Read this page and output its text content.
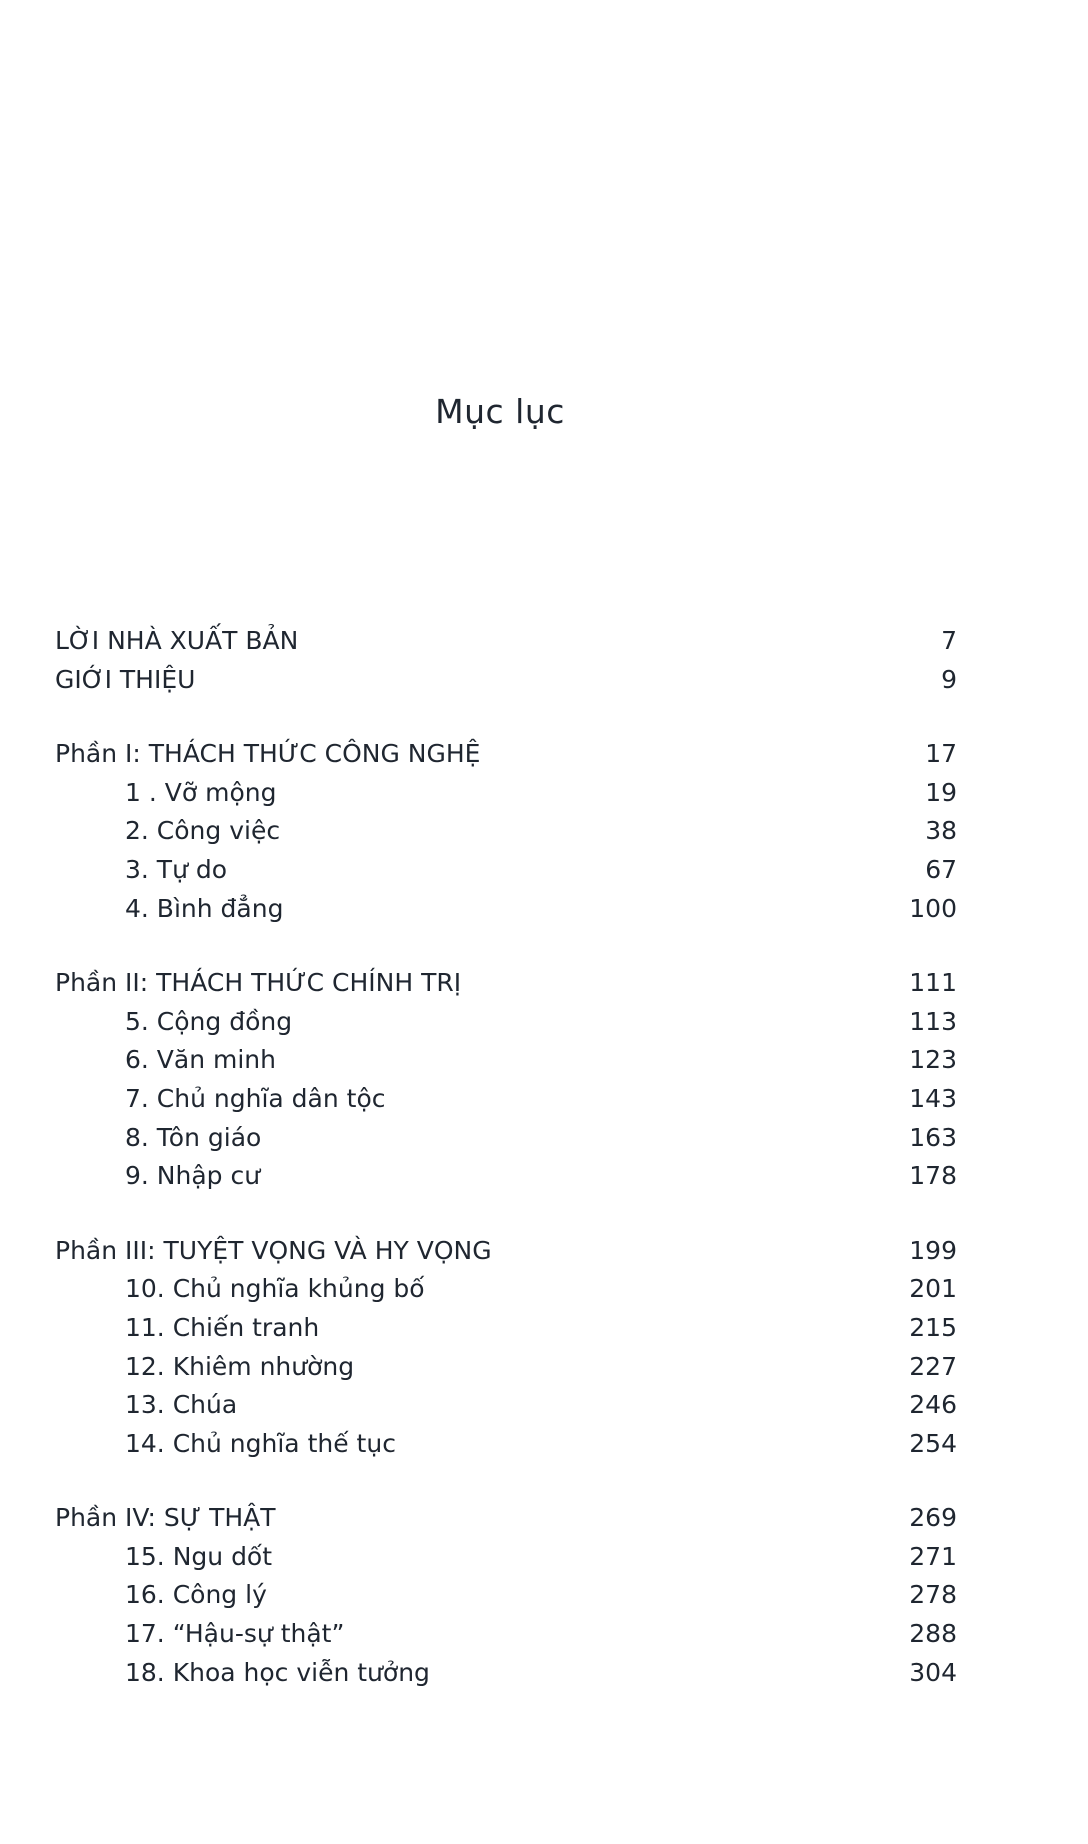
Mục lục
LỜI NHÀ XUẤT BẢN	7
GIỚI THIỆU	9
Phần I: THÁCH THỨC CÔNG NGHỆ	17
1 . Vỡ mộng	19
2. Công việc	38
3. Tự do	67
4. Bình đẳng	100
Phần II: THÁCH THỨC CHÍNH TRỊ	111
5. Cộng đồng	113
6. Văn minh	123
7. Chủ nghĩa dân tộc	143
8. Tôn giáo	163
9. Nhập cư	178
Phần III: TUYỆT VỌNG VÀ HY VỌNG	199
10. Chủ nghĩa khủng bố	201
11. Chiến tranh	215
12. Khiêm nhường	227
13. Chúa	246
14. Chủ nghĩa thế tục	254
Phần IV: SỰ THẬT	269
15. Ngu dốt	271
16. Công lý	278
17. “Hậu-sự thật”	288
18. Khoa học viễn tưởng	304
